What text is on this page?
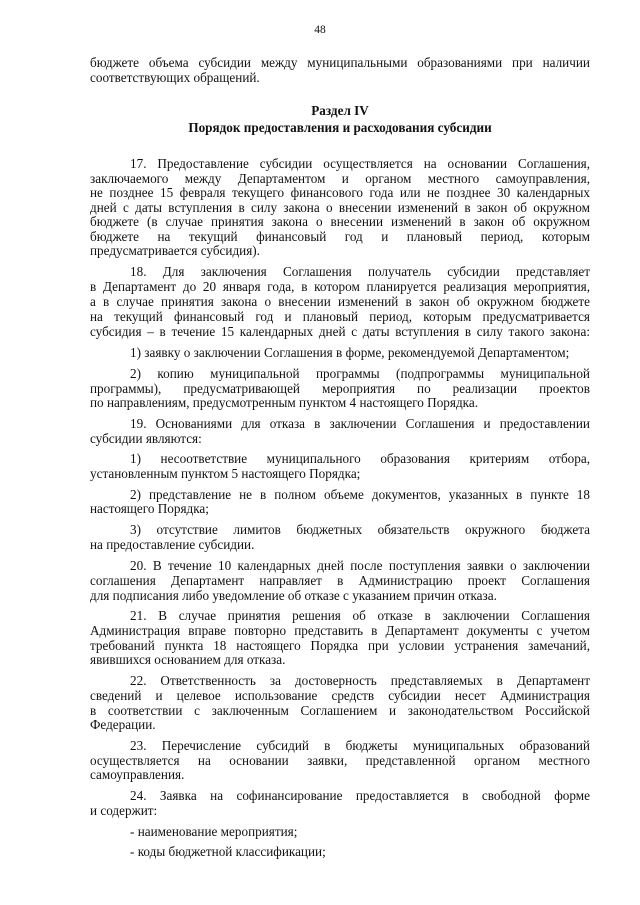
48
бюджете объема субсидии между муниципальными образованиями при наличии
соответствующих обращений.
Раздел IV
Порядок предоставления и расходования субсидии
17. Предоставление субсидии осуществляется на основании Соглашения,
заключаемого между Департаментом и органом местного самоуправления,
не позднее 15 февраля текущего финансового года или не позднее 30 календарных
дней с даты вступления в силу закона о внесении изменений в закон об окружном
бюджете (в случае принятия закона о внесении изменений в закон об окружном
бюджете на текущий финансовый год и плановый период, которым
предусматривается субсидия).
18. Для заключения Соглашения получатель субсидии представляет
в Департамент до 20 января года, в котором планируется реализация мероприятия,
а в случае принятия закона о внесении изменений в закон об окружном бюджете
на текущий финансовый год и плановый период, которым предусматривается
субсидия – в течение 15 календарных дней с даты вступления в силу такого закона:
1) заявку о заключении Соглашения в форме, рекомендуемой Департаментом;
2) копию муниципальной программы (подпрограммы муниципальной
программы), предусматривающей мероприятия по реализации проектов
по направлениям, предусмотренным пунктом 4 настоящего Порядка.
19. Основаниями для отказа в заключении Соглашения и предоставлении
субсидии являются:
1) несоответствие муниципального образования критериям отбора,
установленным пунктом 5 настоящего Порядка;
2) представление не в полном объеме документов, указанных в пункте 18
настоящего Порядка;
3) отсутствие лимитов бюджетных обязательств окружного бюджета
на предоставление субсидии.
20. В течение 10 календарных дней после поступления заявки о заключении
соглашения Департамент направляет в Администрацию проект Соглашения
для подписания либо уведомление об отказе с указанием причин отказа.
21. В случае принятия решения об отказе в заключении Соглашения
Администрация вправе повторно представить в Департамент документы с учетом
требований пункта 18 настоящего Порядка при условии устранения замечаний,
явившихся основанием для отказа.
22. Ответственность за достоверность представляемых в Департамент
сведений и целевое использование средств субсидии несет Администрация
в соответствии с заключенным Соглашением и законодательством Российской
Федерации.
23. Перечисление субсидий в бюджеты муниципальных образований
осуществляется на основании заявки, представленной органом местного
самоуправления.
24. Заявка на софинансирование предоставляется в свободной форме
и содержит:
- наименование мероприятия;
- коды бюджетной классификации;
